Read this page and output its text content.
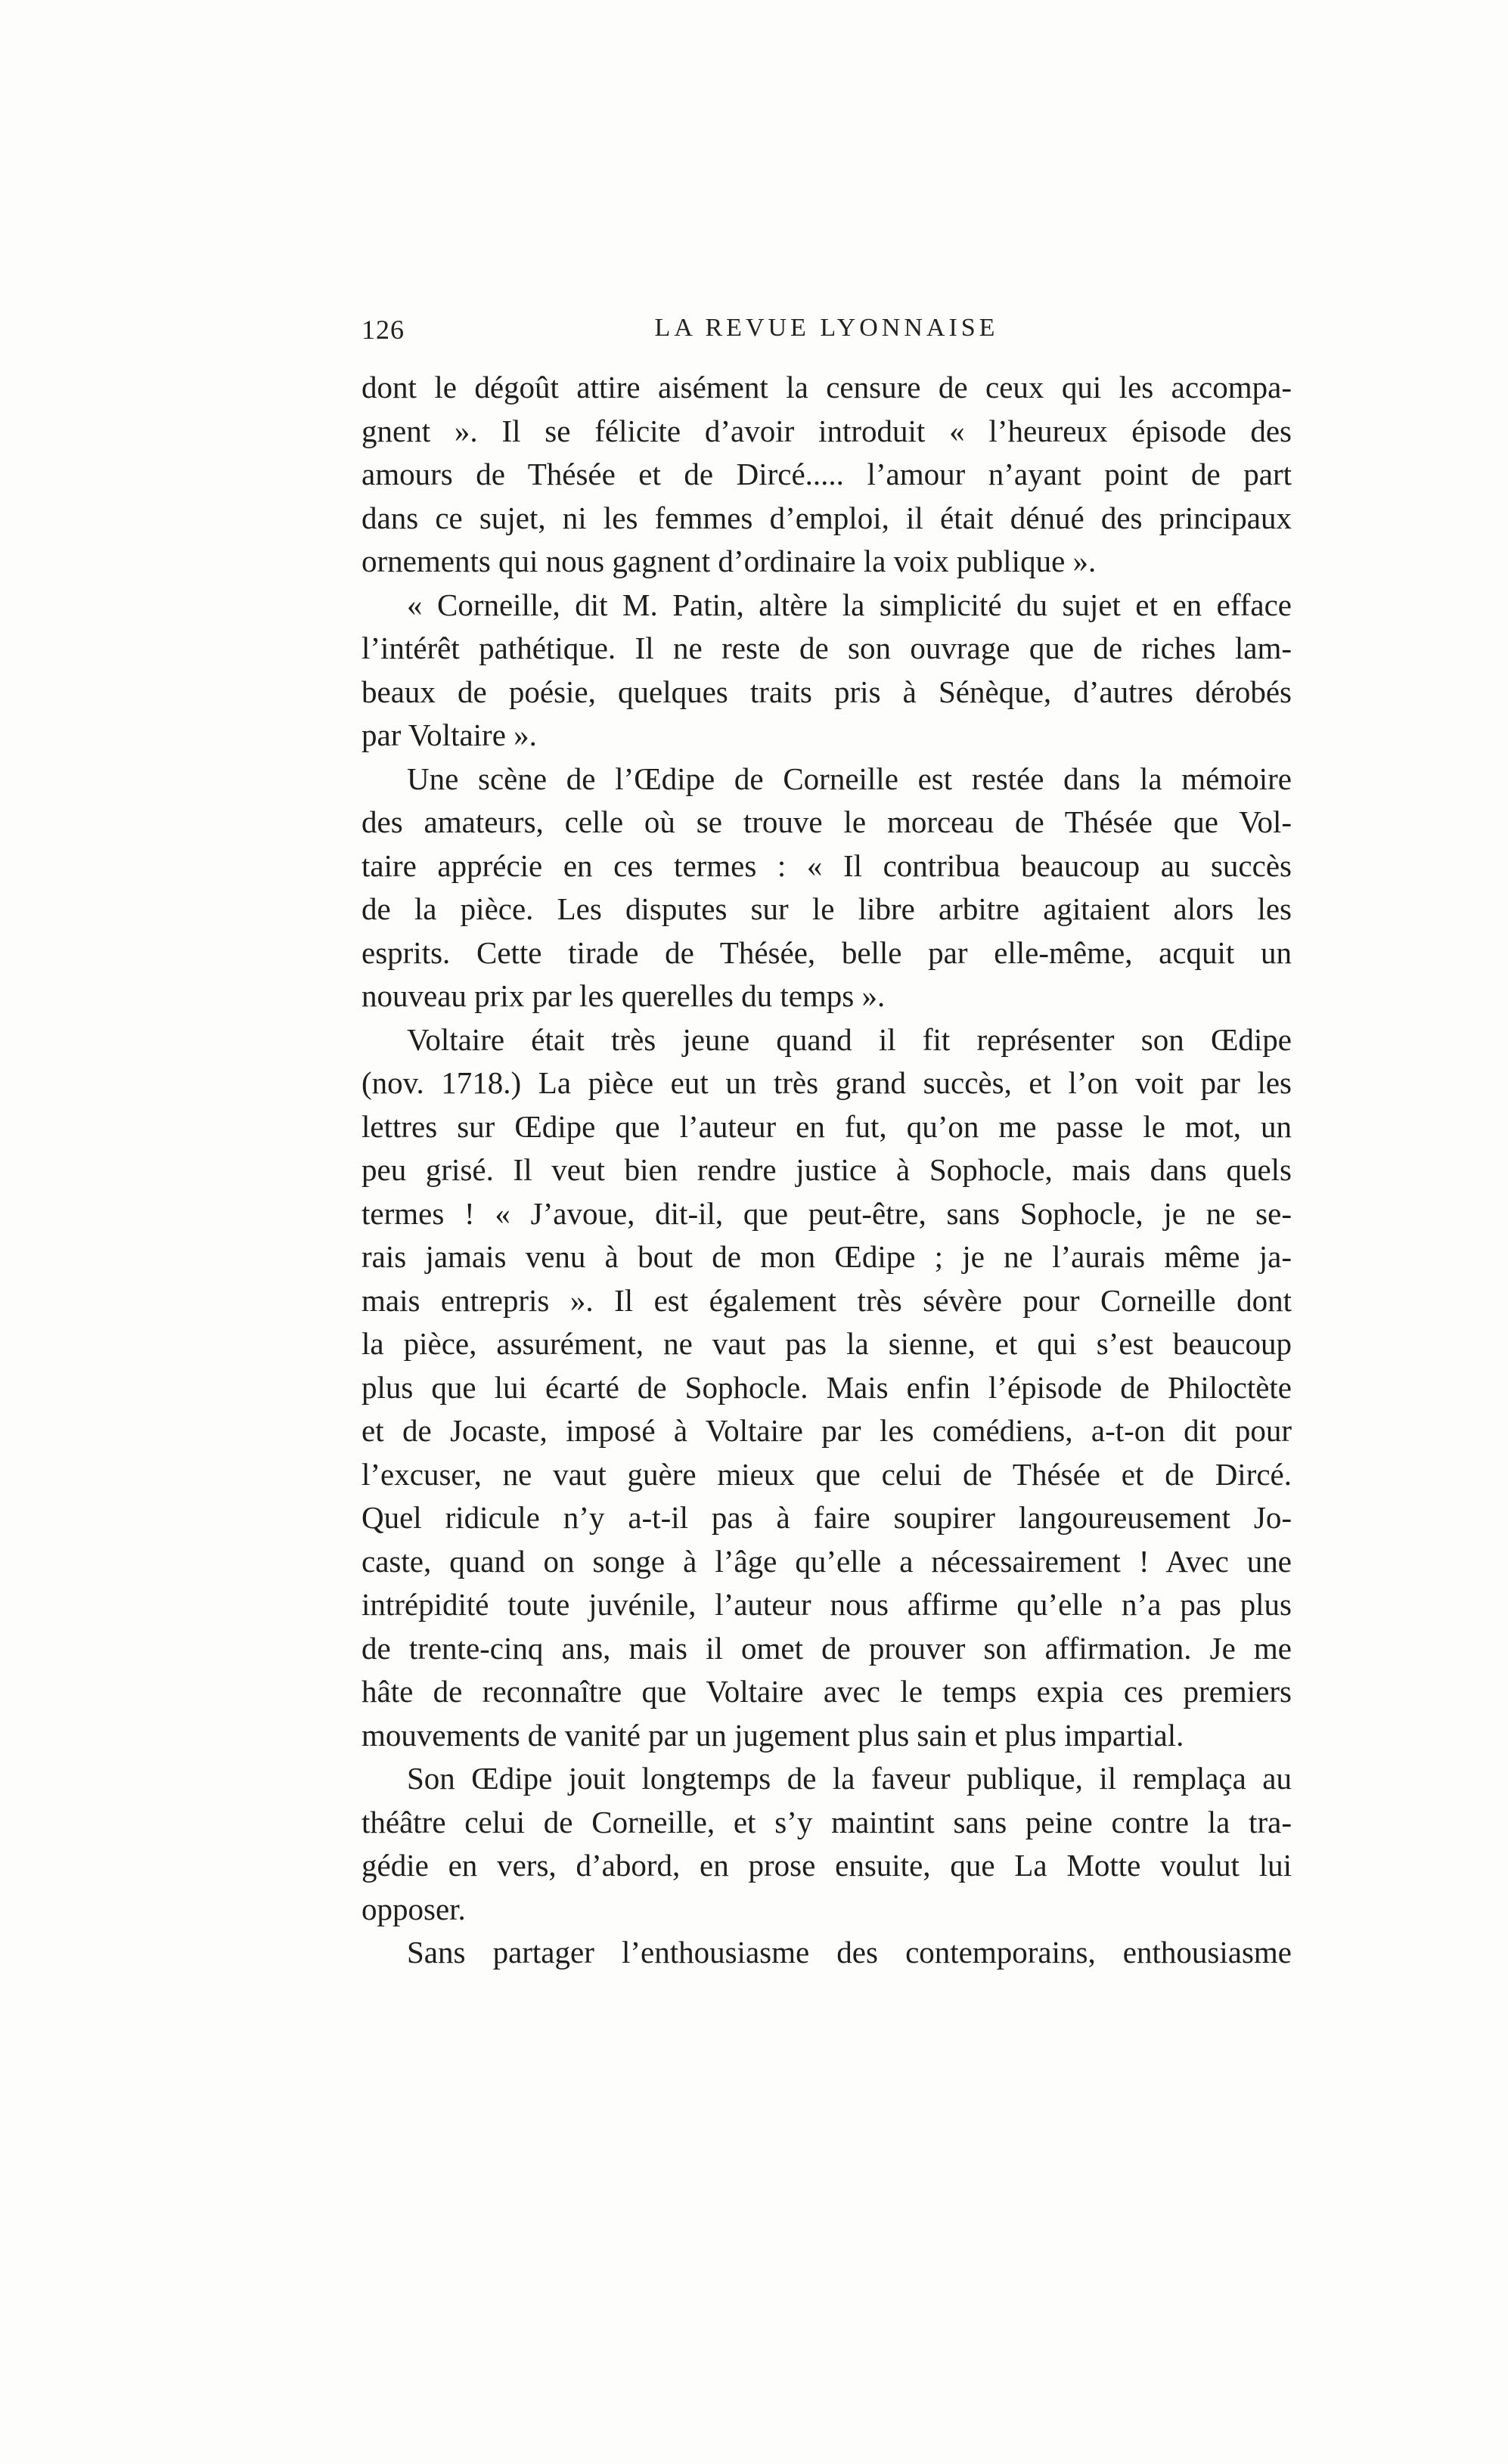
126	LA REVUE LYONNAISE
dont le dégoût attire aisément la censure de ceux qui les accompa-
gnent ». Il se félicite d’avoir introduit « l’heureux épisode des
amours de Thésée et de Dircé..... l’amour n’ayant point de part
dans ce sujet, ni les femmes d’emploi, il était dénué des principaux
ornements qui nous gagnent d’ordinaire la voix publique ».
« Corneille, dit M. Patin, altère la simplicité du sujet et en efface
l’intérêt pathétique. Il ne reste de son ouvrage que de riches lam-
beaux de poésie, quelques traits pris à Sénèque, d’autres dérobés
par Voltaire ».
Une scène de l’Œdipe de Corneille est restée dans la mémoire
des amateurs, celle où se trouve le morceau de Thésée que Vol-
taire apprécie en ces termes : « Il contribua beaucoup au succès
de la pièce. Les disputes sur le libre arbitre agitaient alors les
esprits. Cette tirade de Thésée, belle par elle-même, acquit un
nouveau prix par les querelles du temps ».
Voltaire était très jeune quand il fit représenter son Œdipe
(nov. 1718.) La pièce eut un très grand succès, et l’on voit par les
lettres sur Œdipe que l’auteur en fut, qu’on me passe le mot, un
peu grisé. Il veut bien rendre justice à Sophocle, mais dans quels
termes ! « J’avoue, dit-il, que peut-être, sans Sophocle, je ne se-
rais jamais venu à bout de mon Œdipe ; je ne l’aurais même ja-
mais entrepris ». Il est également très sévère pour Corneille dont
la pièce, assurément, ne vaut pas la sienne, et qui s’est beaucoup
plus que lui écarté de Sophocle. Mais enfin l’épisode de Philoctète
et de Jocaste, imposé à Voltaire par les comédiens, a-t-on dit pour
l’excuser, ne vaut guère mieux que celui de Thésée et de Dircé.
Quel ridicule n’y a-t-il pas à faire soupirer langoureusement Jo-
caste, quand on songe à l’âge qu’elle a nécessairement ! Avec une
intrépidité toute juvénile, l’auteur nous affirme qu’elle n’a pas plus
de trente-cinq ans, mais il omet de prouver son affirmation. Je me
hâte de reconnaître que Voltaire avec le temps expia ces premiers
mouvements de vanité par un jugement plus sain et plus impartial.
Son Œdipe jouit longtemps de la faveur publique, il remplaça au
théâtre celui de Corneille, et s’y maintint sans peine contre la tra-
gédie en vers, d’abord, en prose ensuite, que La Motte voulut lui
opposer.
Sans partager l’enthousiasme des contemporains, enthousiasme
